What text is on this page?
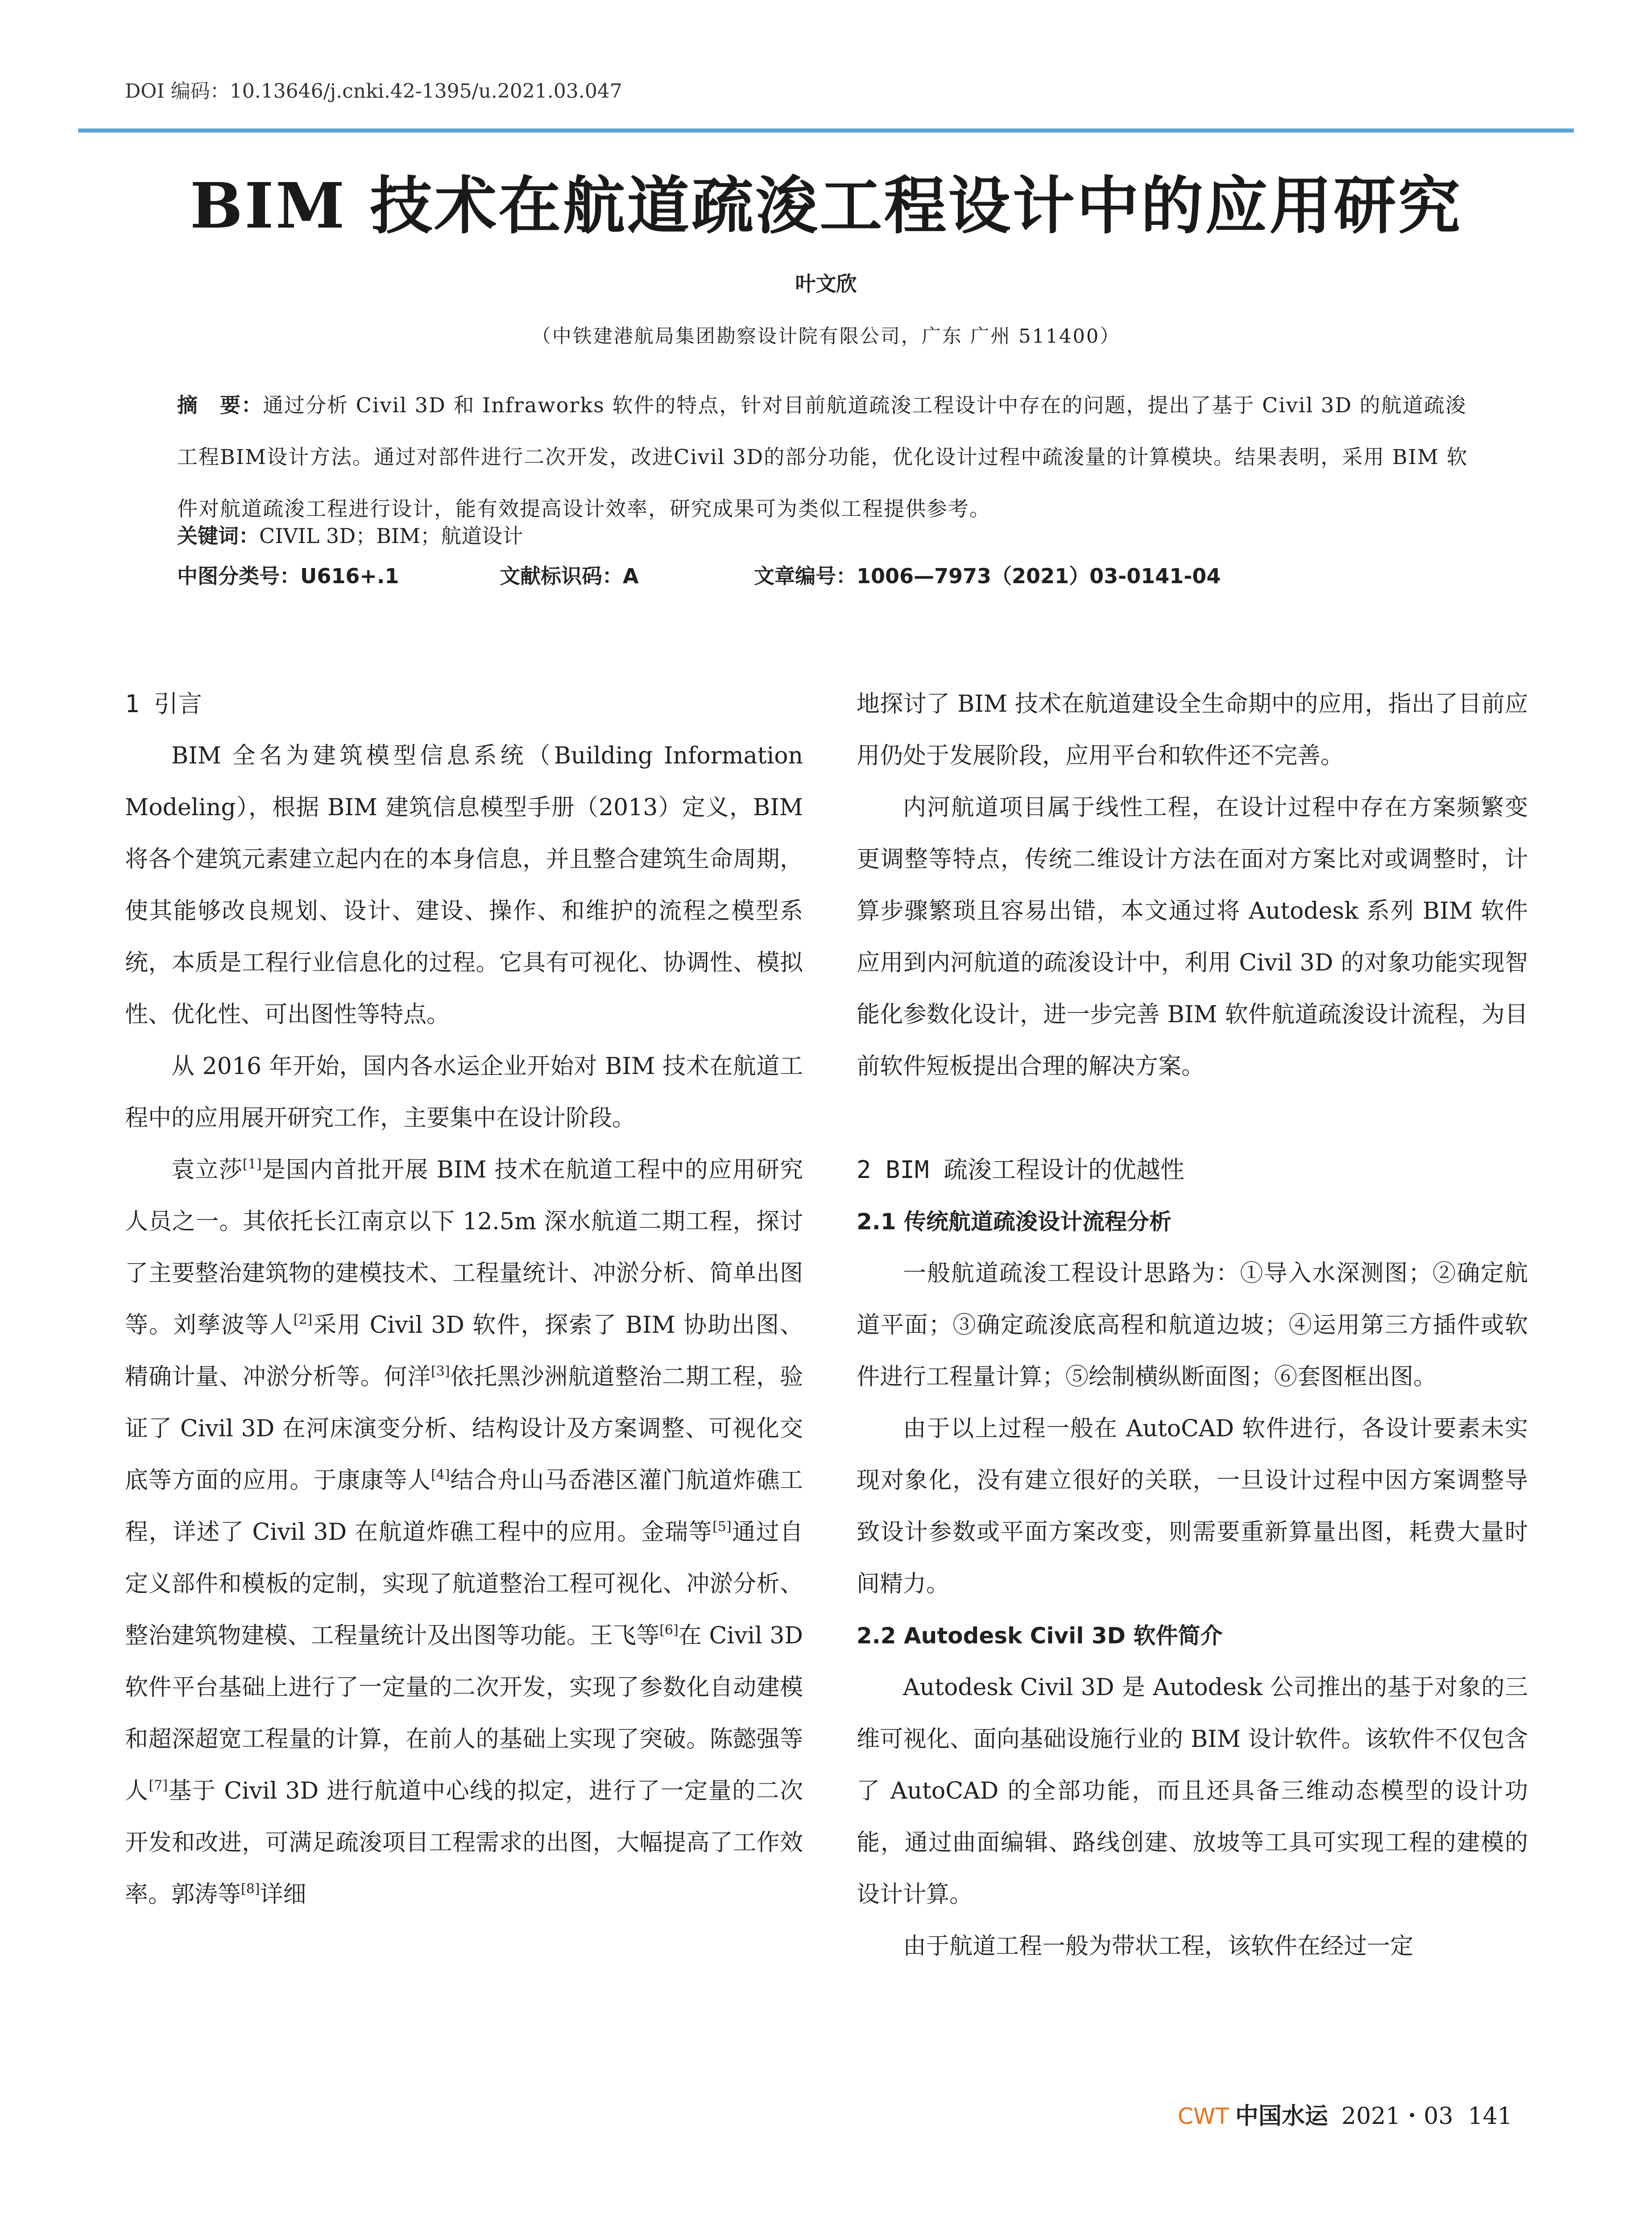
DOI 编码：10.13646/j.cnki.42-1395/u.2021.03.047
BIM 技术在航道疏浚工程设计中的应用研究
叶文欣
（中铁建港航局集团勘察设计院有限公司，广东 广州 511400）
摘　要：通过分析 Civil 3D 和 Infraworks 软件的特点，针对目前航道疏浚工程设计中存在的问题，提出了基于 Civil 3D 的航道疏浚工程BIM设计方法。通过对部件进行二次开发，改进Civil 3D的部分功能，优化设计过程中疏浚量的计算模块。结果表明，采用 BIM 软件对航道疏浚工程进行设计，能有效提高设计效率，研究成果可为类似工程提供参考。
关键词：CIVIL 3D；BIM；航道设计
中图分类号：U616+.1	文献标识码：A	文章编号：1006—7973（2021）03-0141-04
1 引言

BIM 全名为建筑模型信息系统（Building Information Modeling），根据 BIM 建筑信息模型手册（2013）定义，BIM 将各个建筑元素建立起内在的本身信息，并且整合建筑生命周期，使其能够改良规划、设计、建设、操作、和维护的流程之模型系统，本质是工程行业信息化的过程。它具有可视化、协调性、模拟性、优化性、可出图性等特点。

从 2016 年开始，国内各水运企业开始对 BIM 技术在航道工程中的应用展开研究工作，主要集中在设计阶段。

袁立莎[1]是国内首批开展 BIM 技术在航道工程中的应用研究人员之一。其依托长江南京以下 12.5m 深水航道二期工程，探讨了主要整治建筑物的建模技术、工程量统计、冲淤分析、简单出图等。刘孳波等人[2]采用 Civil 3D 软件，探索了 BIM 协助出图、精确计量、冲淤分析等。何洋[3]依托黑沙洲航道整治二期工程，验证了 Civil 3D 在河床演变分析、结构设计及方案调整、可视化交底等方面的应用。于康康等人[4]结合舟山马岙港区灌门航道炸礁工程，详述了 Civil 3D 在航道炸礁工程中的应用。金瑞等[5]通过自定义部件和模板的定制，实现了航道整治工程可视化、冲淤分析、整治建筑物建模、工程量统计及出图等功能。王飞等[6]在 Civil 3D 软件平台基础上进行了一定量的二次开发，实现了参数化自动建模和超深超宽工程量的计算，在前人的基础上实现了突破。陈懿强等人[7]基于 Civil 3D 进行航道中心线的拟定，进行了一定量的二次开发和改进，可满足疏浚项目工程需求的出图，大幅提高了工作效率。郭涛等[8]详细

地探讨了 BIM 技术在航道建设全生命期中的应用，指出了目前应用仍处于发展阶段，应用平台和软件还不完善。

内河航道项目属于线性工程，在设计过程中存在方案频繁变更调整等特点，传统二维设计方法在面对方案比对或调整时，计算步骤繁琐且容易出错，本文通过将 Autodesk 系列 BIM 软件应用到内河航道的疏浚设计中，利用 Civil 3D 的对象功能实现智能化参数化设计，进一步完善 BIM 软件航道疏浚设计流程，为目前软件短板提出合理的解决方案。

2 BIM 疏浚工程设计的优越性
2.1 传统航道疏浚设计流程分析

一般航道疏浚工程设计思路为：①导入水深测图；②确定航道平面；③确定疏浚底高程和航道边坡；④运用第三方插件或软件进行工程量计算；⑤绘制横纵断面图；⑥套图框出图。

由于以上过程一般在 AutoCAD 软件进行，各设计要素未实现对象化，没有建立很好的关联，一旦设计过程中因方案调整导致设计参数或平面方案改变，则需要重新算量出图，耗费大量时间精力。

2.2 Autodesk Civil 3D 软件简介

Autodesk Civil 3D 是 Autodesk 公司推出的基于对象的三维可视化、面向基础设施行业的 BIM 设计软件。该软件不仅包含了 AutoCAD 的全部功能，而且还具备三维动态模型的设计功能，通过曲面编辑、路线创建、放坡等工具可实现工程的建模的设计计算。

由于航道工程一般为带状工程，该软件在经过一定

CWT 中国水运 2021・03 141
